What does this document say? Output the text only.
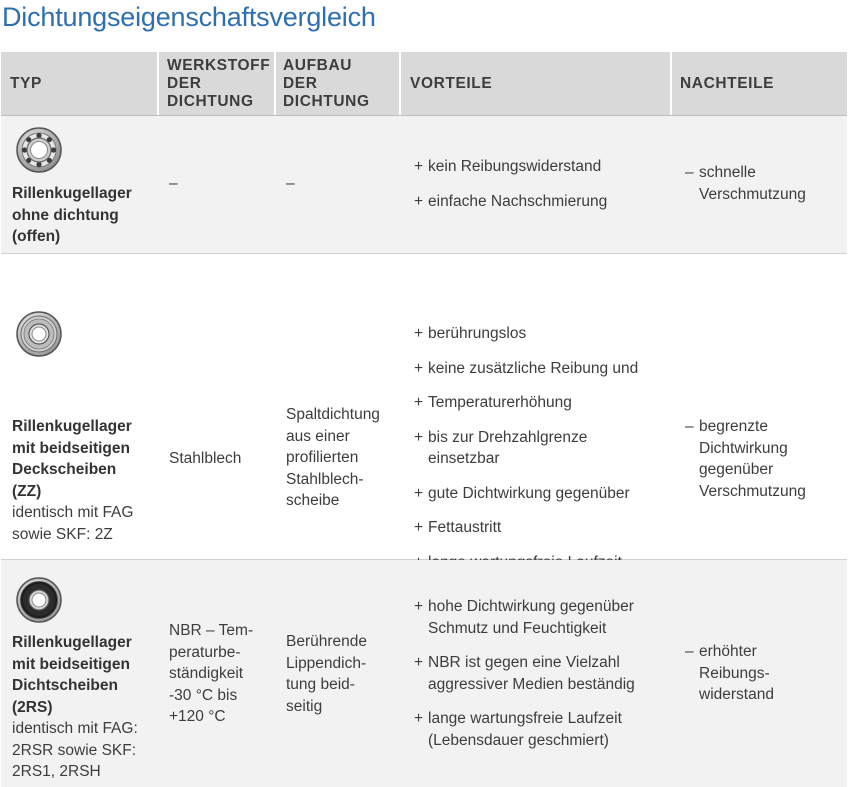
Dichtungseigenschaftsvergleich
TYP
WERKSTOFF
DER
DICHTUNG
AUFBAU
DER
DICHTUNG
VORTEILE	NACHTEILE
Rillenkugellager
ohne dichtung
(offen)
–	–
+ kein Reibungswiderstand
+ einfache Nachschmierung
– schnelle
Verschmutzung
Rillenkugellager
mit beidseitigen
Deckscheiben
(ZZ)
identisch mit FAG
sowie SKF: 2Z
Stahlblech
Spaltdichtung
aus einer
profilierten
Stahlblech-
scheibe
+ berührungslos
+ keine zusätzliche Reibung und
+ Temperaturerhöhung
+ bis zur Drehzahlgrenze
einsetzbar
+ gute Dichtwirkung gegenüber
+ Fettaustritt
– begrenzte
Dichtwirkung
gegenüber
Verschmutzung
Rillenkugellager
mit beidseitigen
Dichtscheiben
(2RS)
identisch mit FAG:
2RSR sowie SKF:
2RS1, 2RSH
NBR – Tem-
peraturbe-
ständigkeit
-30 °C bis
+120 °C
Berührende
Lippendich-
tung beid-
seitig
+ hohe Dichtwirkung gegenüber
Schmutz und Feuchtigkeit
+ NBR ist gegen eine Vielzahl
aggressiver Medien beständig
+ lange wartungsfreie Laufzeit
(Lebensdauer geschmiert)
– erhöhter
Reibungs-
widerstand
